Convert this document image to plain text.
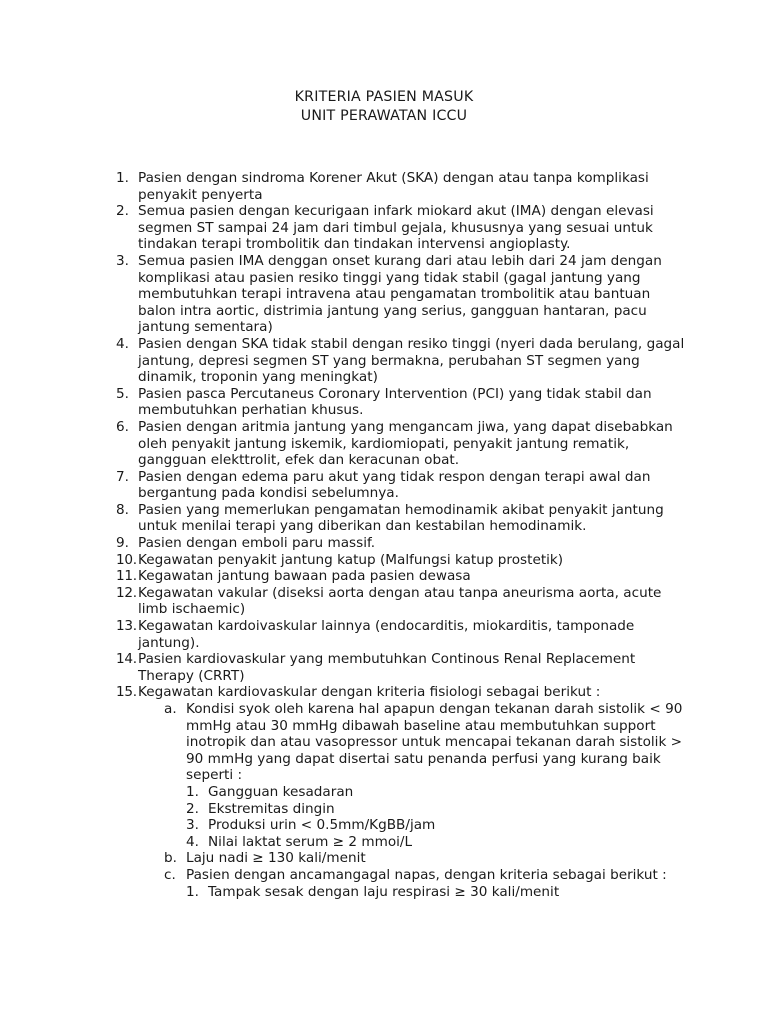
KRITERIA PASIEN MASUK

UNIT PERAWATAN ICCU

1. Pasien dengan sindroma Korener Akut (SKA) dengan atau tanpa komplikasi penyakit penyerta
2. Semua pasien dengan kecurigaan infark miokard akut (IMA) dengan elevasi segmen ST sampai 24 jam dari timbul gejala, khususnya yang sesuai untuk tindakan terapi trombolitik dan tindakan intervensi angioplasty.
3. Semua pasien IMA denggan onset kurang dari atau lebih dari 24 jam dengan komplikasi atau pasien resiko tinggi yang tidak stabil (gagal jantung yang membutuhkan terapi intravena atau pengamatan trombolitik atau bantuan balon intra aortic, distrimia jantung yang serius, gangguan hantaran, pacu jantung sementara)
4. Pasien dengan SKA tidak stabil dengan resiko tinggi (nyeri dada berulang, gagal jantung, depresi segmen ST yang bermakna, perubahan ST segmen yang dinamik, troponin yang meningkat)
5. Pasien pasca Percutaneus Coronary Intervention (PCI) yang tidak stabil dan membutuhkan perhatian khusus.
6. Pasien dengan aritmia jantung yang mengancam jiwa, yang dapat disebabkan oleh penyakit jantung iskemik, kardiomiopati, penyakit jantung rematik, gangguan elekttrolit, efek dan keracunan obat.
7. Pasien dengan edema paru akut yang tidak respon dengan terapi awal dan bergantung pada kondisi sebelumnya.
8. Pasien yang memerlukan pengamatan hemodinamik akibat penyakit jantung untuk menilai terapi yang diberikan dan kestabilan hemodinamik.
9. Pasien dengan emboli paru massif.
10. Kegawatan penyakit jantung katup (Malfungsi katup prostetik)
11. Kegawatan jantung bawaan pada pasien dewasa
12. Kegawatan vakular (diseksi aorta dengan atau tanpa aneurisma aorta, acute limb ischaemic)
13. Kegawatan kardoivaskular lainnya (endocarditis, miokarditis, tamponade jantung).
14. Pasien kardiovaskular yang membutuhkan Continous Renal Replacement Therapy (CRRT)
15. Kegawatan kardiovaskular dengan kriteria fisiologi sebagai berikut :
a. Kondisi syok oleh karena hal apapun dengan tekanan darah sistolik < 90 mmHg atau 30 mmHg dibawah baseline atau membutuhkan support inotropik dan atau vasopressor untuk mencapai tekanan darah sistolik > 90 mmHg yang dapat disertai satu penanda perfusi yang kurang baik seperti :
1. Gangguan kesadaran
2. Ekstremitas dingin
3. Produksi urin < 0.5mm/KgBB/jam
4. Nilai laktat serum ≥ 2 mmoi/L
b. Laju nadi ≥ 130 kali/menit
c. Pasien dengan ancamangagal napas, dengan kriteria sebagai berikut :
1. Tampak sesak dengan laju respirasi ≥ 30 kali/menit
